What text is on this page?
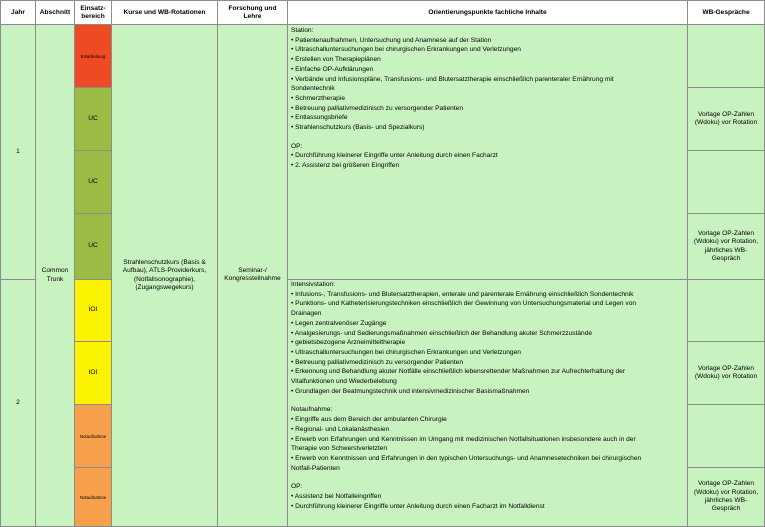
Jahr	Abschnitt
Einsatz-
bereich
Kurse und WB-Rotationen
Forschung und
Lehre
Orientierungspunkte fachliche Inhalte	WB-Gespräche
1
2
Common
Trunk
Einarbeitung
UC
UC
UC
IOI
IOI
Notaufnahme
Notaufnahme
Strahlenschutzkurs (Basis &
Aufbau), ATLS-Providerkurs,
(Notfallsonographie),
(Zugangswegekurs)
Seminar-/
Kongressteilnahme
Station:
• Patientenaufnahmen, Untersuchung und Anamnese auf der Station
• Ultraschalluntersuchungen bei chirurgischen Erkrankungen und Verletzungen
• Erstellen von Therapieplänen
• Einfache OP-Aufklärungen
• Verbände und Infusionspläne, Transfusions- und Blutersatztherapie einschließlich parenteraler Ernährung mit
Sondentechnik
• Schmerztherapie
• Betreuung palliativmedizinisch zu versorgender Patienten
• Entlassungsbriefe
• Strahlenschutzkurs (Basis- und Spezialkurs)
OP:
• Durchführung kleinerer Eingriffe unter Anleitung durch einen Facharzt
• 2. Assistenz bei größeren Eingriffen
Intensivstation:
• Infusions-, Transfusions- und Blutersatztherapien, enterale und parenterale Ernährung einschließlich Sondentechnik
• Punktions- und Katheterisierungstechniken einschließlich der Gewinnung von Untersuchungsmaterial und Legen von
Drainagen
• Legen zentralvenöser Zugänge
• Analgesierungs- und Sedierungsmaßnahmen einschließlich der Behandlung akuter Schmerzzustände
• gebietsbezogene Arzneimitteltherapie
• Ultraschalluntersuchungen bei chirurgischen Erkrankungen und Verletzungen
• Betreuung palliativmedizinisch zu versorgender Patienten
• Erkennung und Behandlung akuter Notfälle einschließlich lebensrettender Maßnahmen zur Aufrechterhaltung der
Vitalfunktionen und Wiederbelebung
• Grundlagen der Beatmungstechnik und intensivmedizinischer Basismaßnahmen
Notaufnahme:
• Eingriffe aus dem Bereich der ambulanten Chirurgie
• Regional- und Lokalanästhesien
• Erwerb von Erfahrungen und Kenntnissen im Umgang mit medizinischen Notfallsituationen insbesondere auch in der
Therapie von Schwerstverletzten
• Erwerb von Kenntnissen und Erfahrungen in den typischen Untersuchungs- und Anamnesetechniken bei chirurgischen
Notfall-Patienten
OP:
• Assistenz bei Notfalleingriffen
• Durchführung kleinerer Eingriffe unter Anleitung durch einen Facharzt im Notfalldienst
Vorlage OP-Zahlen
(Wdoku) vor Rotation
Vorlage OP-Zahlen
(Wdoku) vor Rotation,
jährliches WB-
Gespräch
Vorlage OP-Zahlen
(Wdoku) vor Rotation
Vorlage OP-Zahlen
(Wdoku) vor Rotation,
jährliches WB-
Gespräch
